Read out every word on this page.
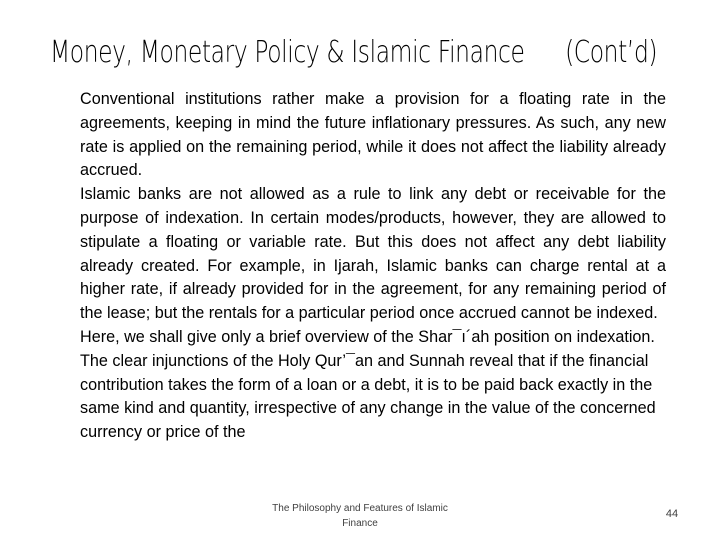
Money, Monetary Policy & Islamic Finance (Cont’d)

Conventional institutions rather make a provision for a floating rate in the agreements, keeping in mind the future inflationary pressures. As such, any new rate is applied on the remaining period, while it does not affect the liability already accrued.

Islamic banks are not allowed as a rule to link any debt or receivable for the purpose of indexation. In certain modes/products, however, they are allowed to stipulate a floating or variable rate. But this does not affect any debt liability already created. For example, in Ijarah, Islamic banks can charge rental at a higher rate, if already provided for in the agreement, for any remaining period of the lease; but the rentals for a particular period once accrued cannot be indexed.

Here, we shall give only a brief overview of the Shar¯ı´ah position on indexation. The clear injunctions of the Holy Qur’¯an and Sunnah reveal that if the financial contribution takes the form of a loan or a debt, it is to be paid back exactly in the same kind and quantity, irrespective of any change in the value of the concerned currency or price of the

The Philosophy and Features of Islamic Finance
44
